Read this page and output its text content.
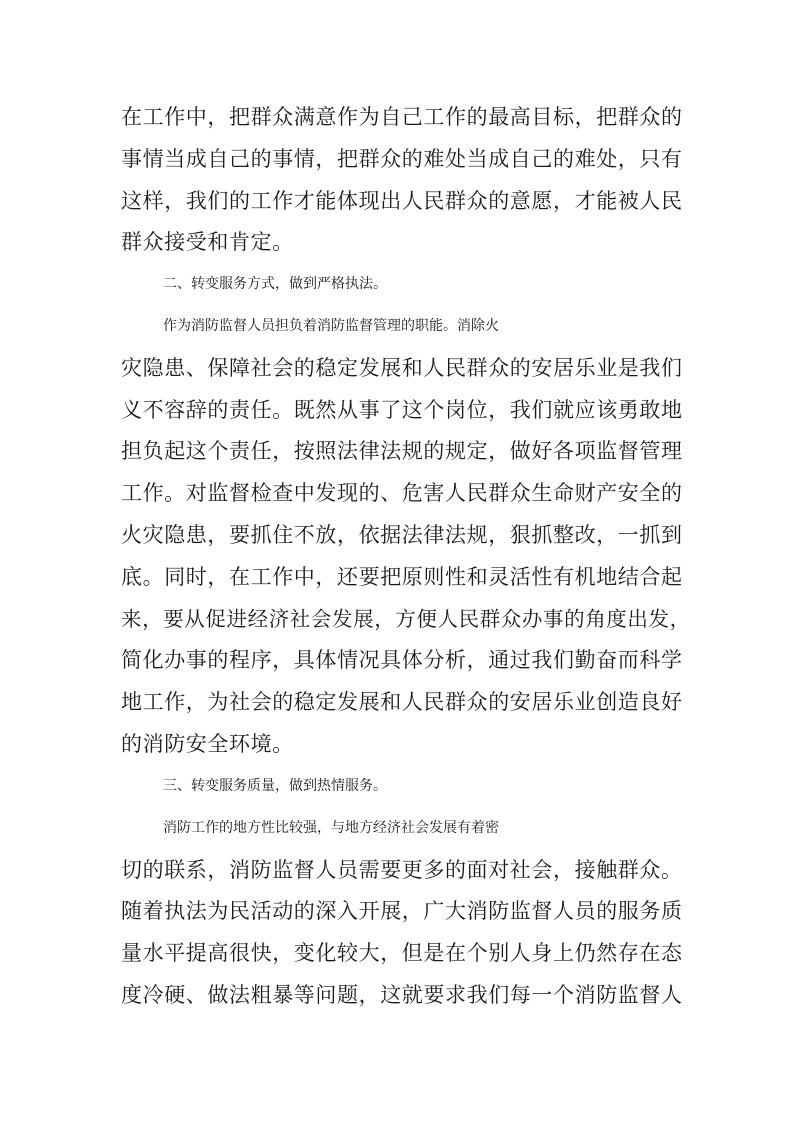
在工作中，把群众满意作为自己工作的最高目标，把群众的
事情当成自己的事情，把群众的难处当成自己的难处，只有
这样，我们的工作才能体现出人民群众的意愿，才能被人民
群众接受和肯定。
二、转变服务方式，做到严格执法。
作为消防监督人员担负着消防监督管理的职能。消除火
灾隐患、保障社会的稳定发展和人民群众的安居乐业是我们
义不容辞的责任。既然从事了这个岗位，我们就应该勇敢地
担负起这个责任，按照法律法规的规定，做好各项监督管理
工作。对监督检查中发现的、危害人民群众生命财产安全的
火灾隐患，要抓住不放，依据法律法规，狠抓整改，一抓到
底。同时，在工作中，还要把原则性和灵活性有机地结合起
来，要从促进经济社会发展，方便人民群众办事的角度出发，
简化办事的程序，具体情况具体分析，通过我们勤奋而科学
地工作，为社会的稳定发展和人民群众的安居乐业创造良好
的消防安全环境。
三、转变服务质量，做到热情服务。
消防工作的地方性比较强，与地方经济社会发展有着密
切的联系，消防监督人员需要更多的面对社会，接触群众。
随着执法为民活动的深入开展，广大消防监督人员的服务质
量水平提高很快，变化较大，但是在个别人身上仍然存在态
度冷硬、做法粗暴等问题，这就要求我们每一个消防监督人
